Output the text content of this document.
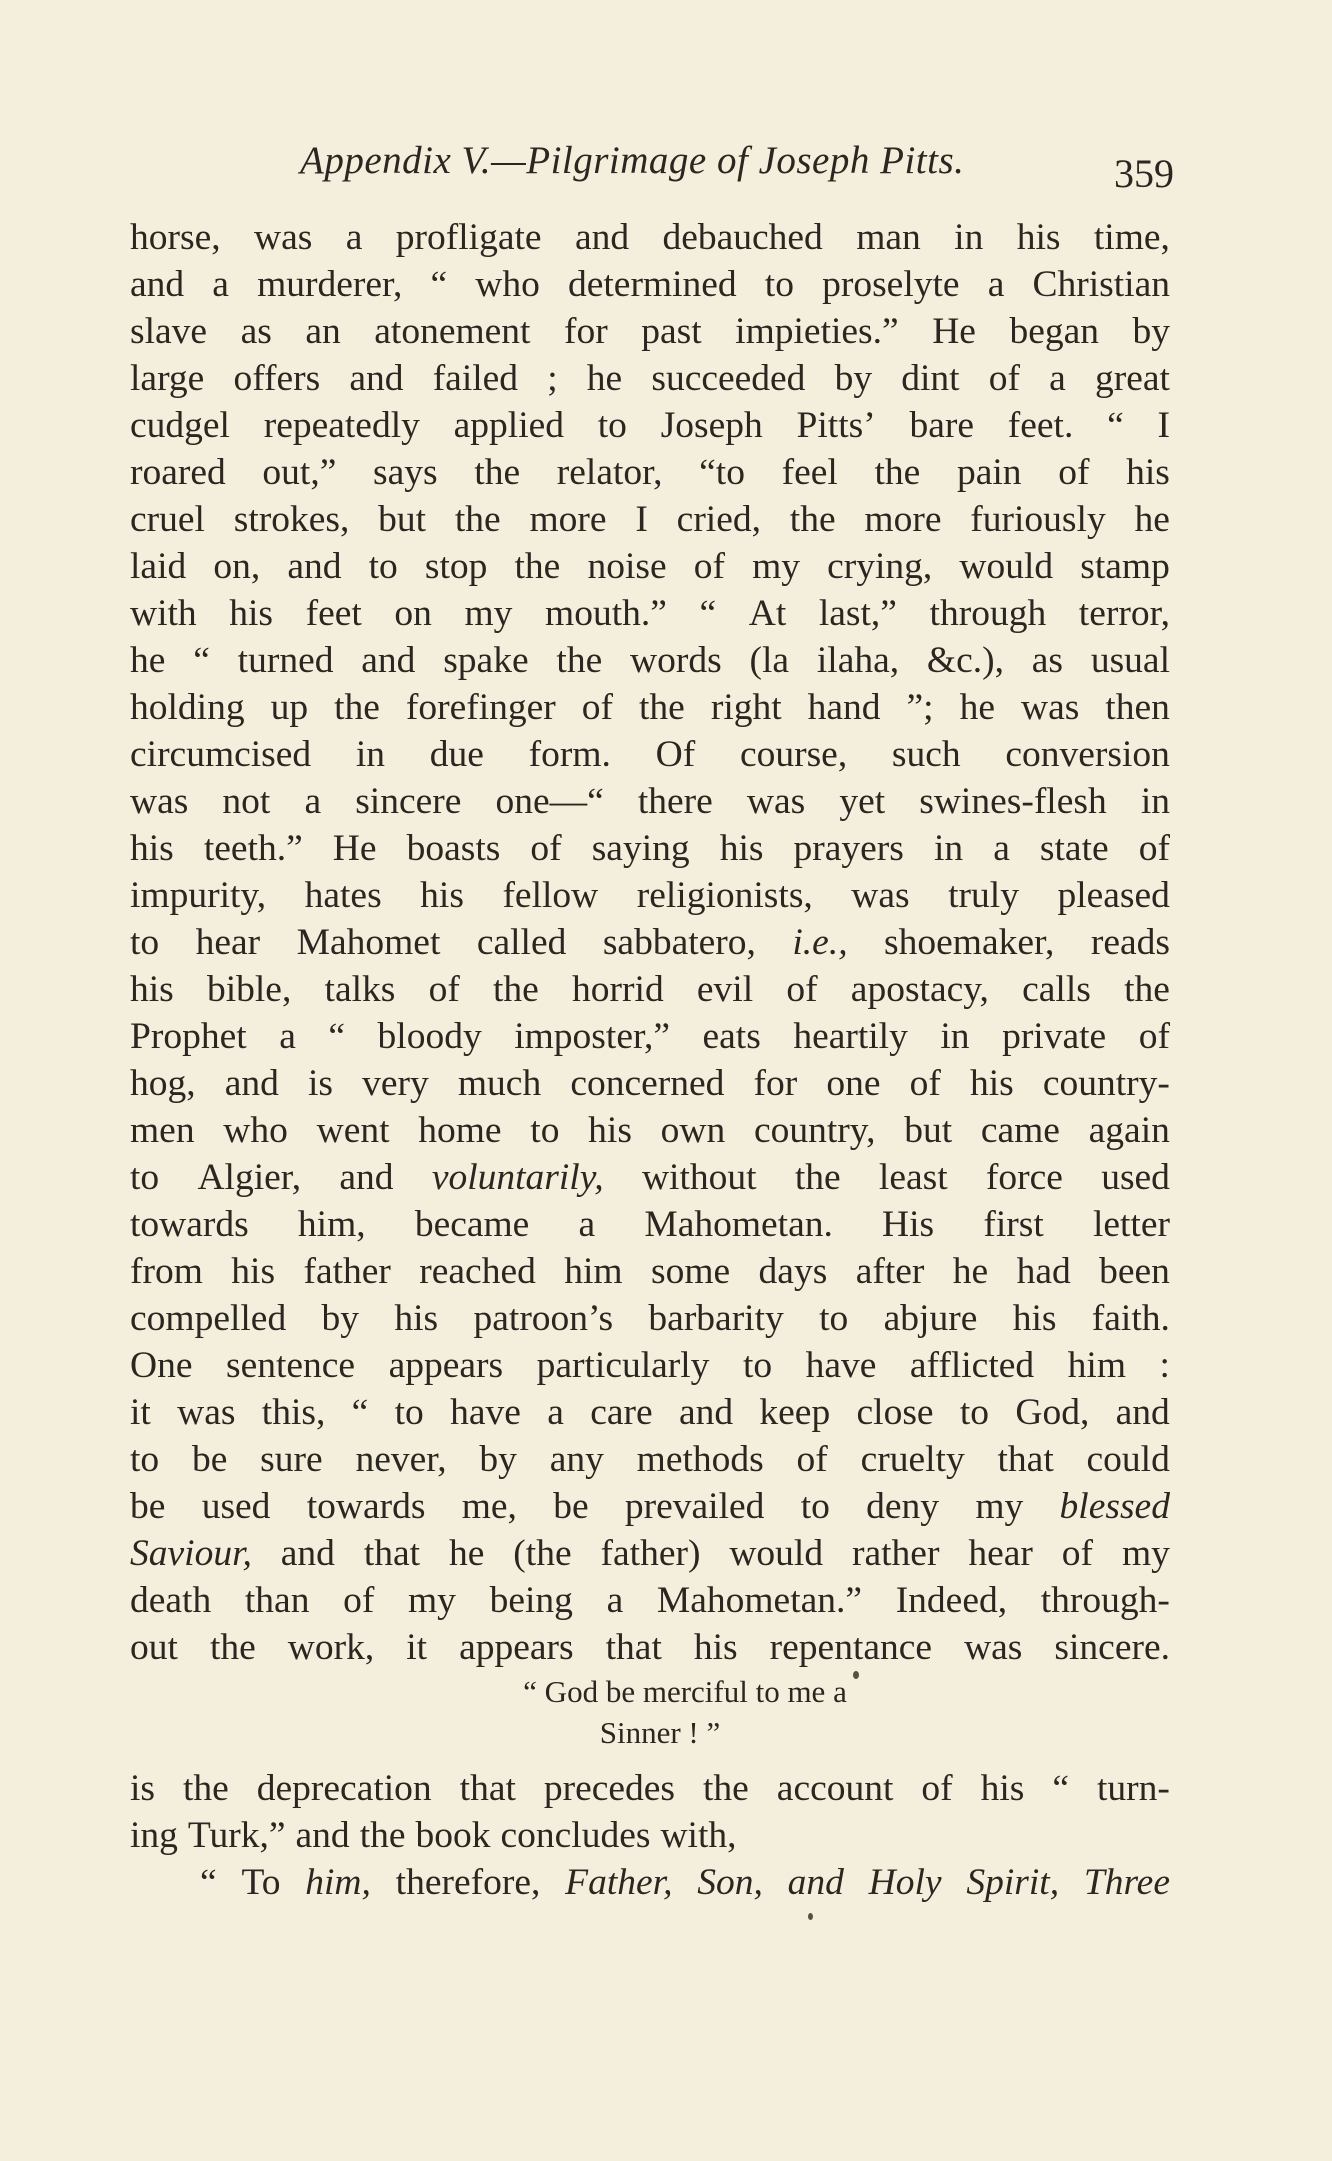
Appendix V.—Pilgrimage of Joseph Pitts.	359
horse, was a profligate and debauched man in his time,
and a murderer, “ who determined to proselyte a Christian
slave as an atonement for past impieties.” He began by
large offers and failed ; he succeeded by dint of a great
cudgel repeatedly applied to Joseph Pitts’ bare feet. “ I
roared out,” says the relator, “to feel the pain of his
cruel strokes, but the more I cried, the more furiously he
laid on, and to stop the noise of my crying, would stamp
with his feet on my mouth.” “ At last,” through terror,
he “ turned and spake the words (la ilaha, &c.), as usual
holding up the forefinger of the right hand ”; he was then
circumcised in due form. Of course, such conversion
was not a sincere one—“ there was yet swines-flesh in
his teeth.” He boasts of saying his prayers in a state of
impurity, hates his fellow religionists, was truly pleased
to hear Mahomet called sabbatero, i.e., shoemaker, reads
his bible, talks of the horrid evil of apostacy, calls the
Prophet a “ bloody imposter,” eats heartily in private of
hog, and is very much concerned for one of his country-
men who went home to his own country, but came again
to Algier, and voluntarily, without the least force used
towards him, became a Mahometan. His first letter
from his father reached him some days after he had been
compelled by his patroon’s barbarity to abjure his faith.
One sentence appears particularly to have afflicted him :
it was this, “ to have a care and keep close to God, and
to be sure never, by any methods of cruelty that could
be used towards me, be prevailed to deny my blessed
Saviour, and that he (the father) would rather hear of my
death than of my being a Mahometan.” Indeed, through-
out the work, it appears that his repentance was sincere.
“ God be merciful to me a
Sinner ! ”
is the deprecation that precedes the account of his “ turn-
ing Turk,” and the book concludes with,
“ To him, therefore, Father, Son, and Holy Spirit, Three
